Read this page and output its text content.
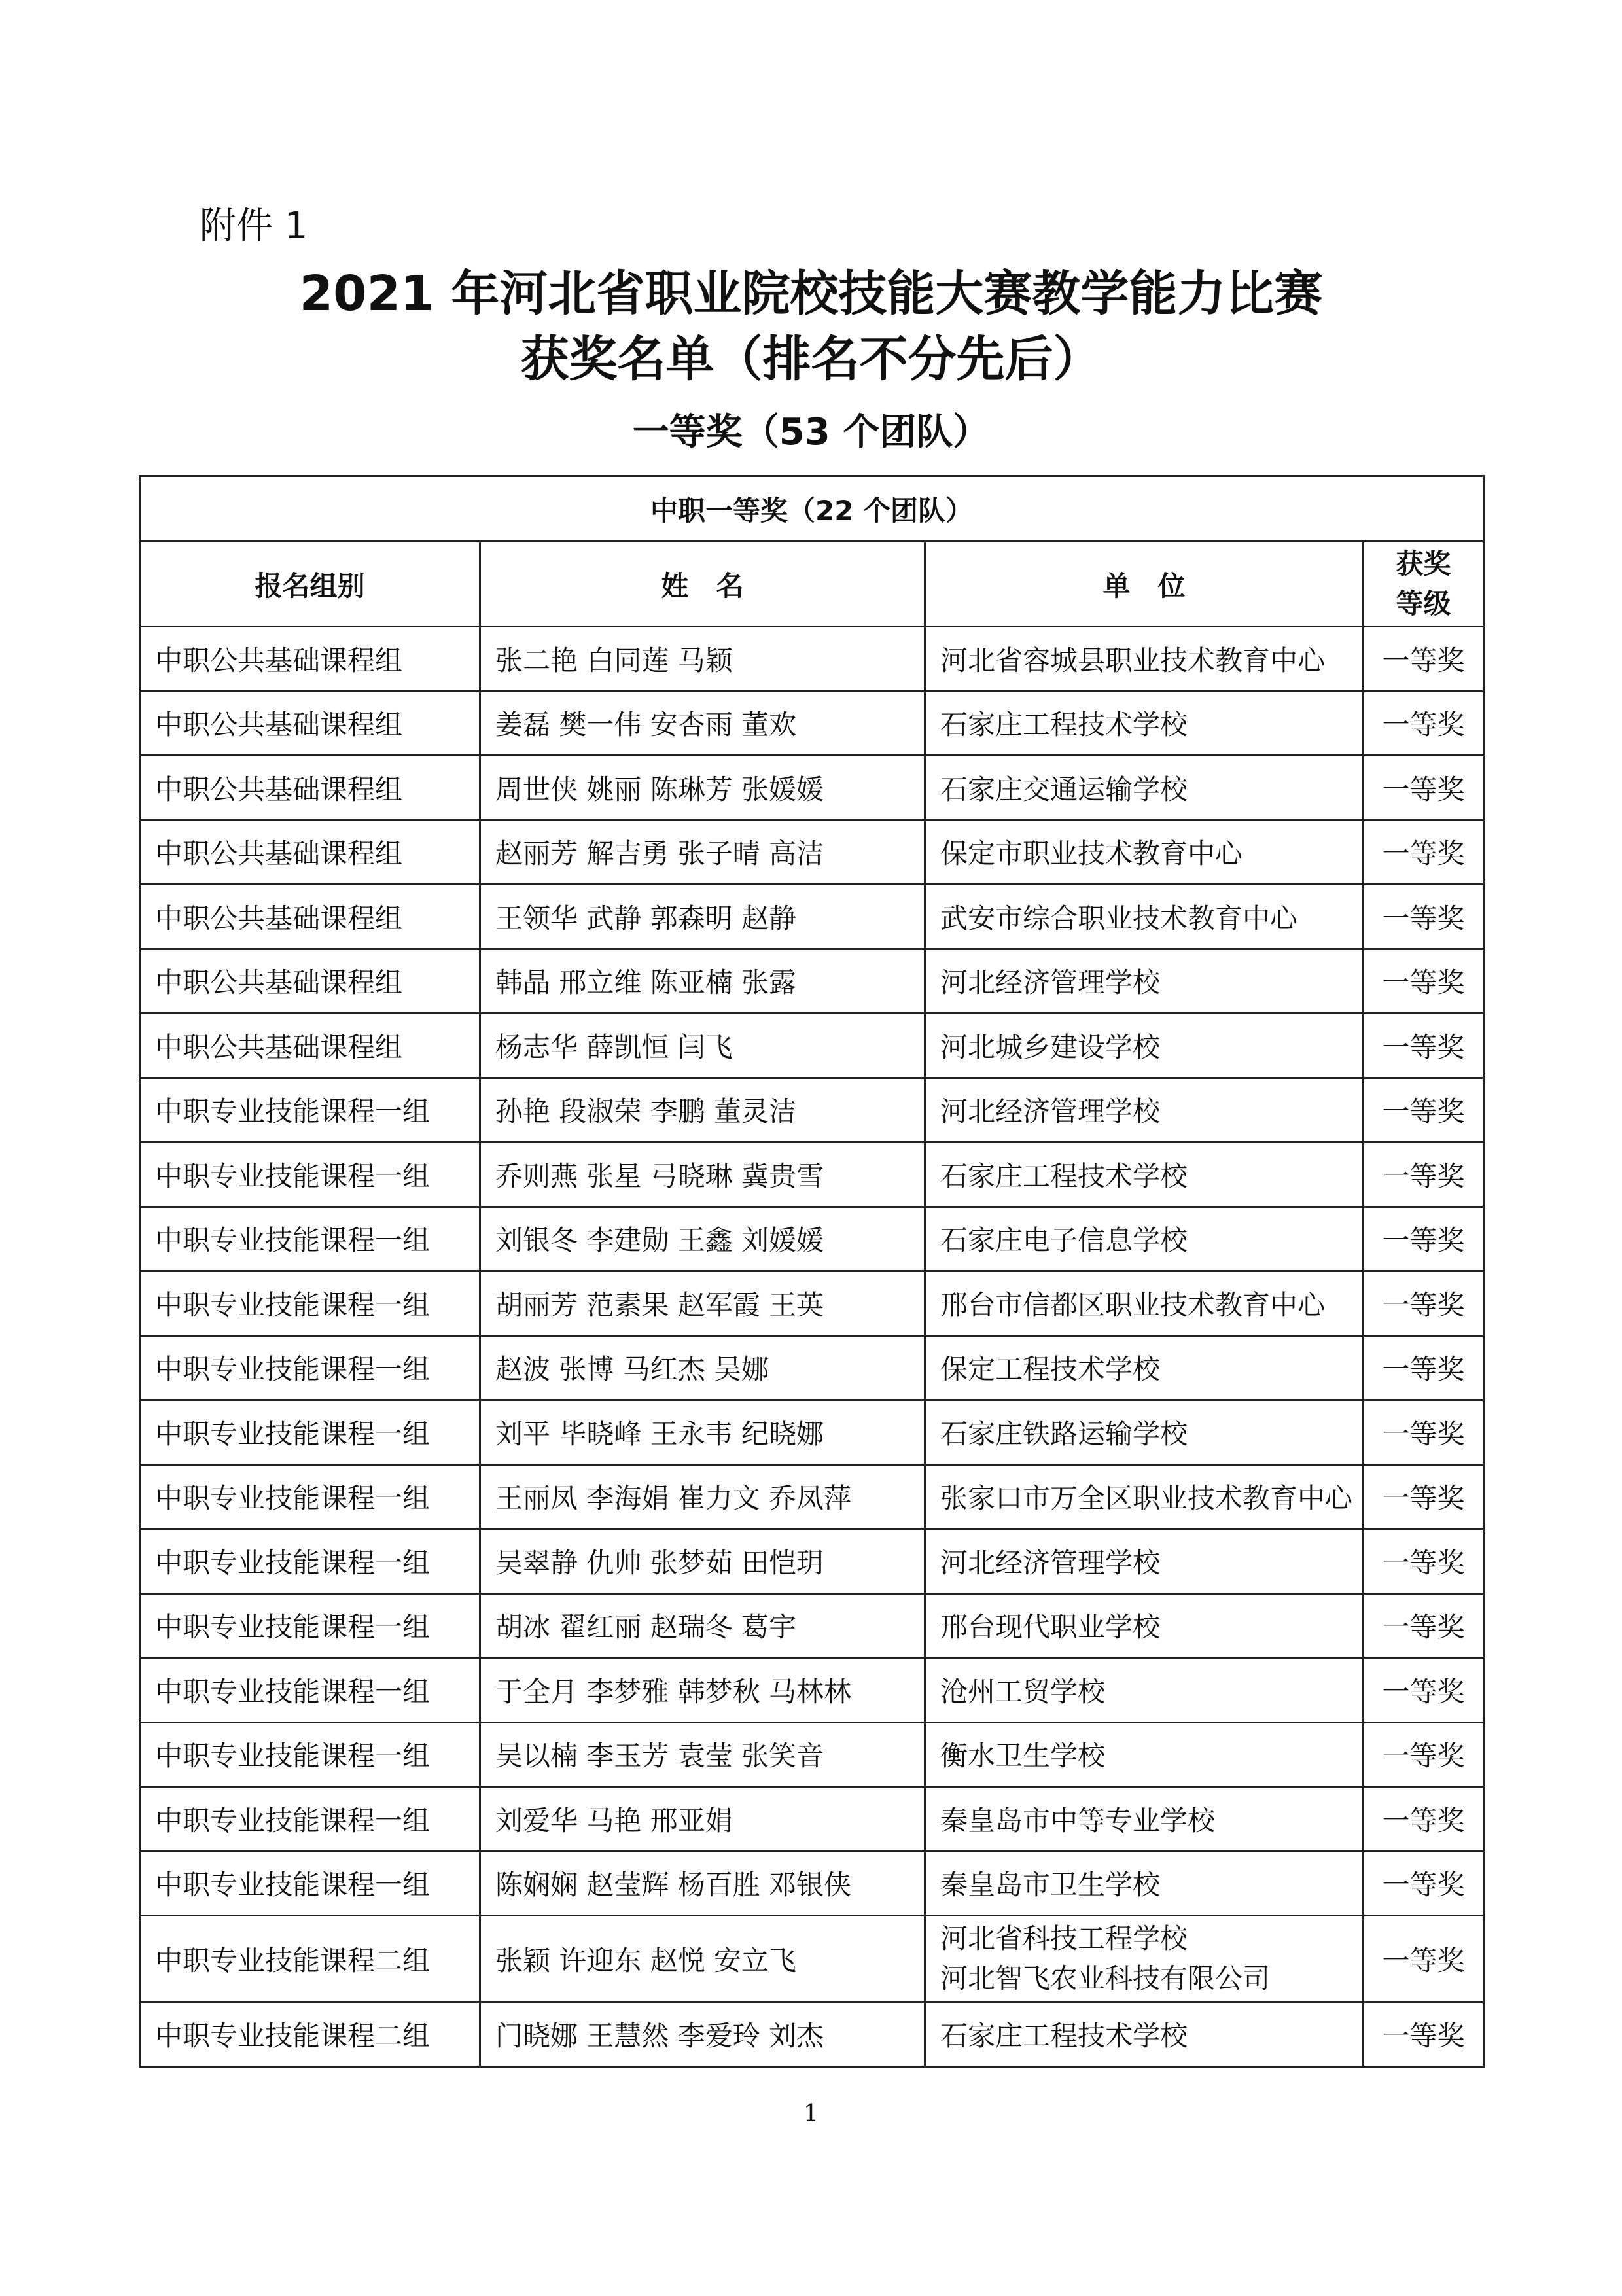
附件 1
2021 年河北省职业院校技能大赛教学能力比赛
获奖名单（排名不分先后）
一等奖（53 个团队）
中职一等奖（22 个团队）			
报名组别	姓　名	单　位	获奖
等级

中职公共基础课程组	张二艳 白同莲 马颖	河北省容城县职业技术教育中心	一等奖
中职公共基础课程组	姜磊 樊一伟 安杏雨 董欢	石家庄工程技术学校	一等奖
中职公共基础课程组	周世侠 姚丽 陈琳芳 张媛媛	石家庄交通运输学校	一等奖
中职公共基础课程组	赵丽芳 解吉勇 张子晴 高洁	保定市职业技术教育中心	一等奖
中职公共基础课程组	王领华 武静 郭森明 赵静	武安市综合职业技术教育中心	一等奖
中职公共基础课程组	韩晶 邢立维 陈亚楠 张露	河北经济管理学校	一等奖
中职公共基础课程组	杨志华 薛凯恒 闫飞	河北城乡建设学校	一等奖
中职专业技能课程一组	孙艳 段淑荣 李鹏 董灵洁	河北经济管理学校	一等奖
中职专业技能课程一组	乔则燕 张星 弓晓琳 冀贵雪	石家庄工程技术学校	一等奖
中职专业技能课程一组	刘银冬 李建勋 王鑫 刘媛媛	石家庄电子信息学校	一等奖
中职专业技能课程一组	胡丽芳 范素果 赵军霞 王英	邢台市信都区职业技术教育中心	一等奖
中职专业技能课程一组	赵波 张博 马红杰 吴娜	保定工程技术学校	一等奖
中职专业技能课程一组	刘平 毕晓峰 王永韦 纪晓娜	石家庄铁路运输学校	一等奖
中职专业技能课程一组	王丽凤 李海娟 崔力文 乔凤萍	张家口市万全区职业技术教育中心	一等奖
中职专业技能课程一组	吴翠静 仇帅 张梦茹 田恺玥	河北经济管理学校	一等奖
中职专业技能课程一组	胡冰 翟红丽 赵瑞冬 葛宇	邢台现代职业学校	一等奖
中职专业技能课程一组	于全月 李梦雅 韩梦秋 马林林	沧州工贸学校	一等奖
中职专业技能课程一组	吴以楠 李玉芳 袁莹 张笑音	衡水卫生学校	一等奖
中职专业技能课程一组	刘爱华 马艳 邢亚娟	秦皇岛市中等专业学校	一等奖
中职专业技能课程一组	陈娴娴 赵莹辉 杨百胜 邓银侠	秦皇岛市卫生学校	一等奖
中职专业技能课程二组	张颖 许迎东 赵悦 安立飞	河北省科技工程学校
河北智飞农业科技有限公司	一等奖
中职专业技能课程二组	门晓娜 王慧然 李爱玲 刘杰	石家庄工程技术学校	一等奖
1
